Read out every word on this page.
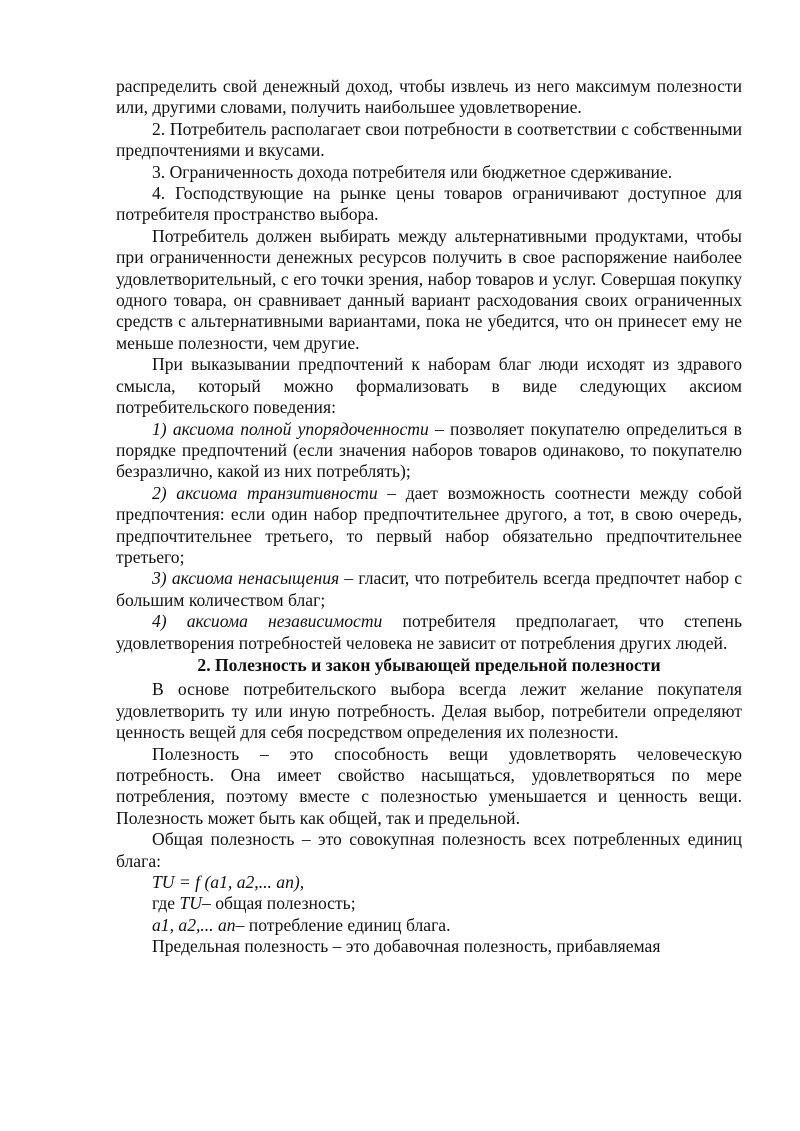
распределить свой денежный доход, чтобы извлечь из него максимум полезности или, другими словами, получить наибольшее удовлетворение.

2. Потребитель располагает свои потребности в соответствии с собственными предпочтениями и вкусами.

3. Ограниченность дохода потребителя или бюджетное сдерживание.

4. Господствующие на рынке цены товаров ограничивают доступное для потребителя пространство выбора.

Потребитель должен выбирать между альтернативными продуктами, чтобы при ограниченности денежных ресурсов получить в свое распоряжение наиболее удовлетворительный, с его точки зрения, набор товаров и услуг. Совершая покупку одного товара, он сравнивает данный вариант расходования своих ограниченных средств с альтернативными вариантами, пока не убедится, что он принесет ему не меньше полезности, чем другие.

При выказывании предпочтений к наборам благ люди исходят из здравого смысла, который можно формализовать в виде следующих аксиом потребительского поведения:

1) аксиома полной упорядоченности – позволяет покупателю определиться в порядке предпочтений (если значения наборов товаров одинаково, то покупателю безразлично, какой из них потреблять);

2) аксиома транзитивности – дает возможность соотнести между собой предпочтения: если один набор предпочтительнее другого, а тот, в свою очередь, предпочтительнее третьего, то первый набор обязательно предпочтительнее третьего;

3) аксиома ненасыщения – гласит, что потребитель всегда предпочтет набор с большим количеством благ;

4) аксиома независимости потребителя предполагает, что степень удовлетворения потребностей человека не зависит от потребления других людей.

2. Полезность и закон убывающей предельной полезности

В основе потребительского выбора всегда лежит желание покупателя удовлетворить ту или иную потребность. Делая выбор, потребители определяют ценность вещей для себя посредством определения их полезности.

Полезность – это способность вещи удовлетворять человеческую потребность. Она имеет свойство насыщаться, удовлетворяться по мере потребления, поэтому вместе с полезностью уменьшается и ценность вещи. Полезность может быть как общей, так и предельной.

Общая полезность – это совокупная полезность всех потребленных единиц блага:

TU = f (a1, a2,... an),

где TU– общая полезность;

a1, a2,... an– потребление единиц блага.

Предельная полезность – это добавочная полезность, прибавляемая
